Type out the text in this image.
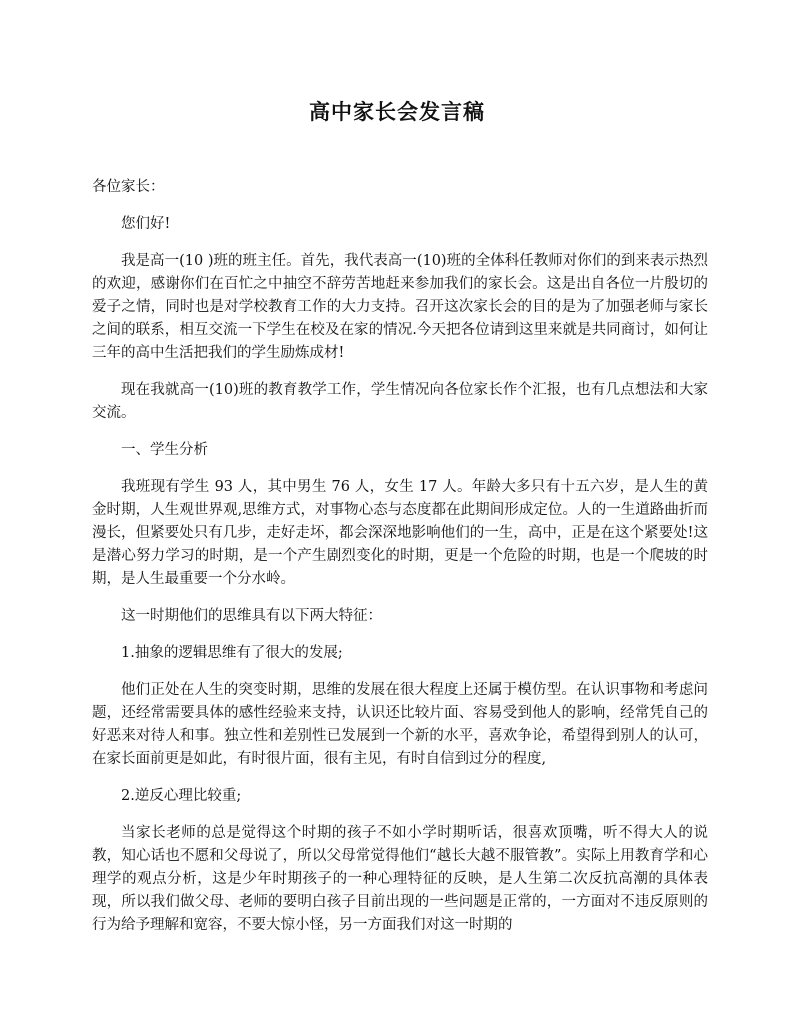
高中家长会发言稿

各位家长：

您们好!

我是高一(10 )班的班主任。首先，我代表高一(10)班的全体科任教师对你们的到来表示热烈的欢迎，感谢你们在百忙之中抽空不辞劳苦地赶来参加我们的家长会。这是出自各位一片殷切的爱子之情，同时也是对学校教育工作的大力支持。召开这次家长会的目的是为了加强老师与家长之间的联系，相互交流一下学生在校及在家的情况.今天把各位请到这里来就是共同商讨，如何让三年的高中生活把我们的学生励炼成材!

现在我就高一(10)班的教育教学工作，学生情况向各位家长作个汇报，也有几点想法和大家交流。

一、学生分析

我班现有学生 93 人，其中男生 76 人，女生 17 人。年龄大多只有十五六岁，是人生的黄金时期，人生观世界观,思维方式，对事物心态与态度都在此期间形成定位。人的一生道路曲折而漫长，但紧要处只有几步，走好走坏，都会深深地影响他们的一生，高中，正是在这个紧要处!这是潜心努力学习的时期，是一个产生剧烈变化的时期，更是一个危险的时期，也是一个爬坡的时期，是人生最重要一个分水岭。

这一时期他们的思维具有以下两大特征：

1.抽象的逻辑思维有了很大的发展;

他们正处在人生的突变时期，思维的发展在很大程度上还属于模仿型。在认识事物和考虑问题，还经常需要具体的感性经验来支持，认识还比较片面、容易受到他人的影响，经常凭自己的好恶来对待人和事。独立性和差别性已发展到一个新的水平，喜欢争论，希望得到别人的认可，在家长面前更是如此，有时很片面，很有主见，有时自信到过分的程度,

2.逆反心理比较重;

当家长老师的总是觉得这个时期的孩子不如小学时期听话，很喜欢顶嘴，听不得大人的说教，知心话也不愿和父母说了，所以父母常觉得他们“越长大越不服管教”。实际上用教育学和心理学的观点分析，这是少年时期孩子的一种心理特征的反映，是人生第二次反抗高潮的具体表现，所以我们做父母、老师的要明白孩子目前出现的一些问题是正常的，一方面对不违反原则的行为给予理解和宽容，不要大惊小怪，另一方面我们对这一时期的
